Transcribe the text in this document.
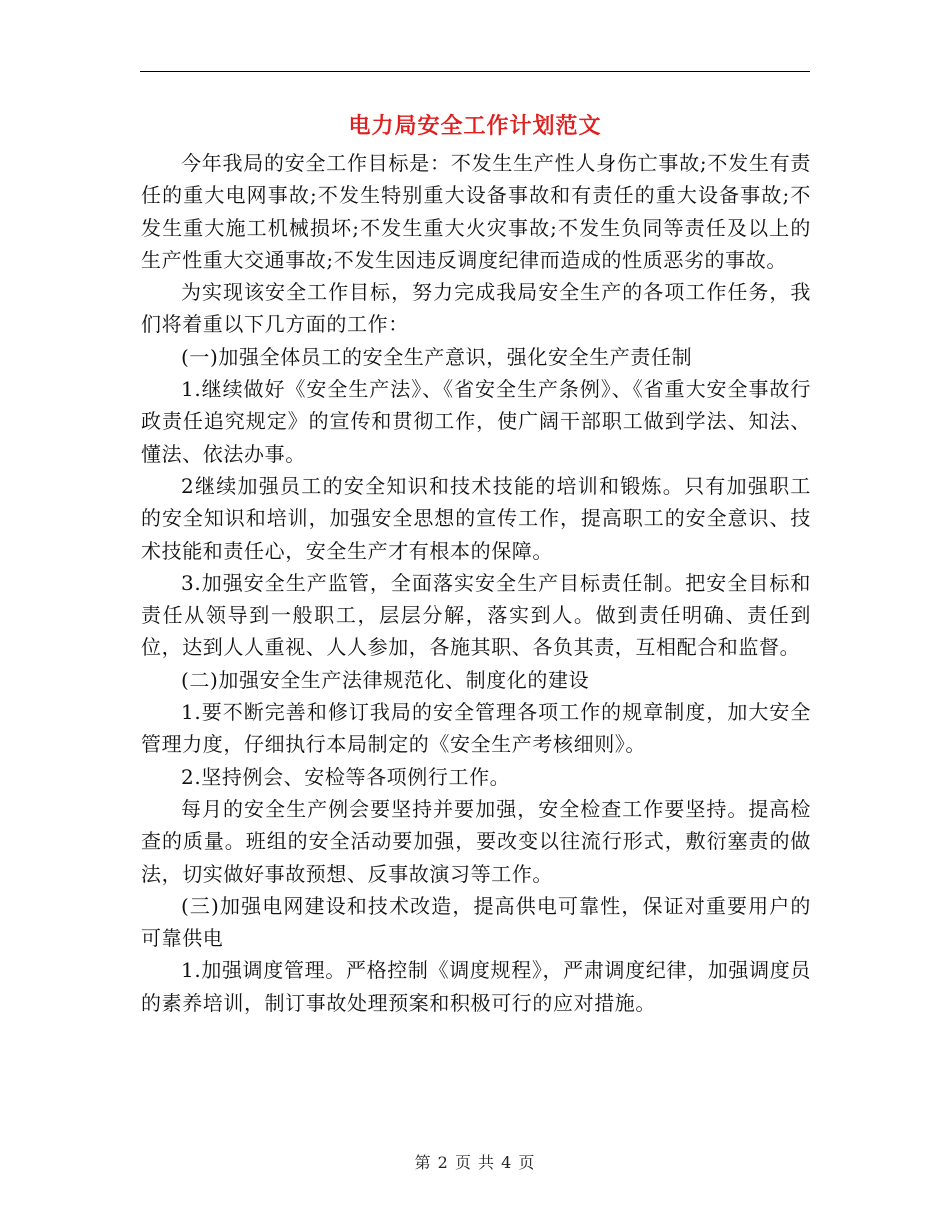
电力局安全工作计划范文

今年我局的安全工作目标是：不发生生产性人身伤亡事故;不发生有责任的重大电网事故;不发生特别重大设备事故和有责任的重大设备事故;不发生重大施工机械损坏;不发生重大火灾事故;不发生负同等责任及以上的生产性重大交通事故;不发生因违反调度纪律而造成的性质恶劣的事故。

为实现该安全工作目标，努力完成我局安全生产的各项工作任务，我们将着重以下几方面的工作：

(一)加强全体员工的安全生产意识，强化安全生产责任制

1.继续做好《安全生产法》、《省安全生产条例》、《省重大安全事故行政责任追究规定》的宣传和贯彻工作，使广阔干部职工做到学法、知法、懂法、依法办事。

2继续加强员工的安全知识和技术技能的培训和锻炼。只有加强职工的安全知识和培训，加强安全思想的宣传工作，提高职工的安全意识、技术技能和责任心，安全生产才有根本的保障。

3.加强安全生产监管，全面落实安全生产目标责任制。把安全目标和责任从领导到一般职工，层层分解，落实到人。做到责任明确、责任到位，达到人人重视、人人参加，各施其职、各负其责，互相配合和监督。

(二)加强安全生产法律规范化、制度化的建设

1.要不断完善和修订我局的安全管理各项工作的规章制度，加大安全管理力度，仔细执行本局制定的《安全生产考核细则》。

2.坚持例会、安检等各项例行工作。

每月的安全生产例会要坚持并要加强，安全检查工作要坚持。提高检查的质量。班组的安全活动要加强，要改变以往流行形式，敷衍塞责的做法，切实做好事故预想、反事故演习等工作。

(三)加强电网建设和技术改造，提高供电可靠性，保证对重要用户的可靠供电

1.加强调度管理。严格控制《调度规程》，严肃调度纪律，加强调度员的素养培训，制订事故处理预案和积极可行的应对措施。

第 2 页 共 4 页
